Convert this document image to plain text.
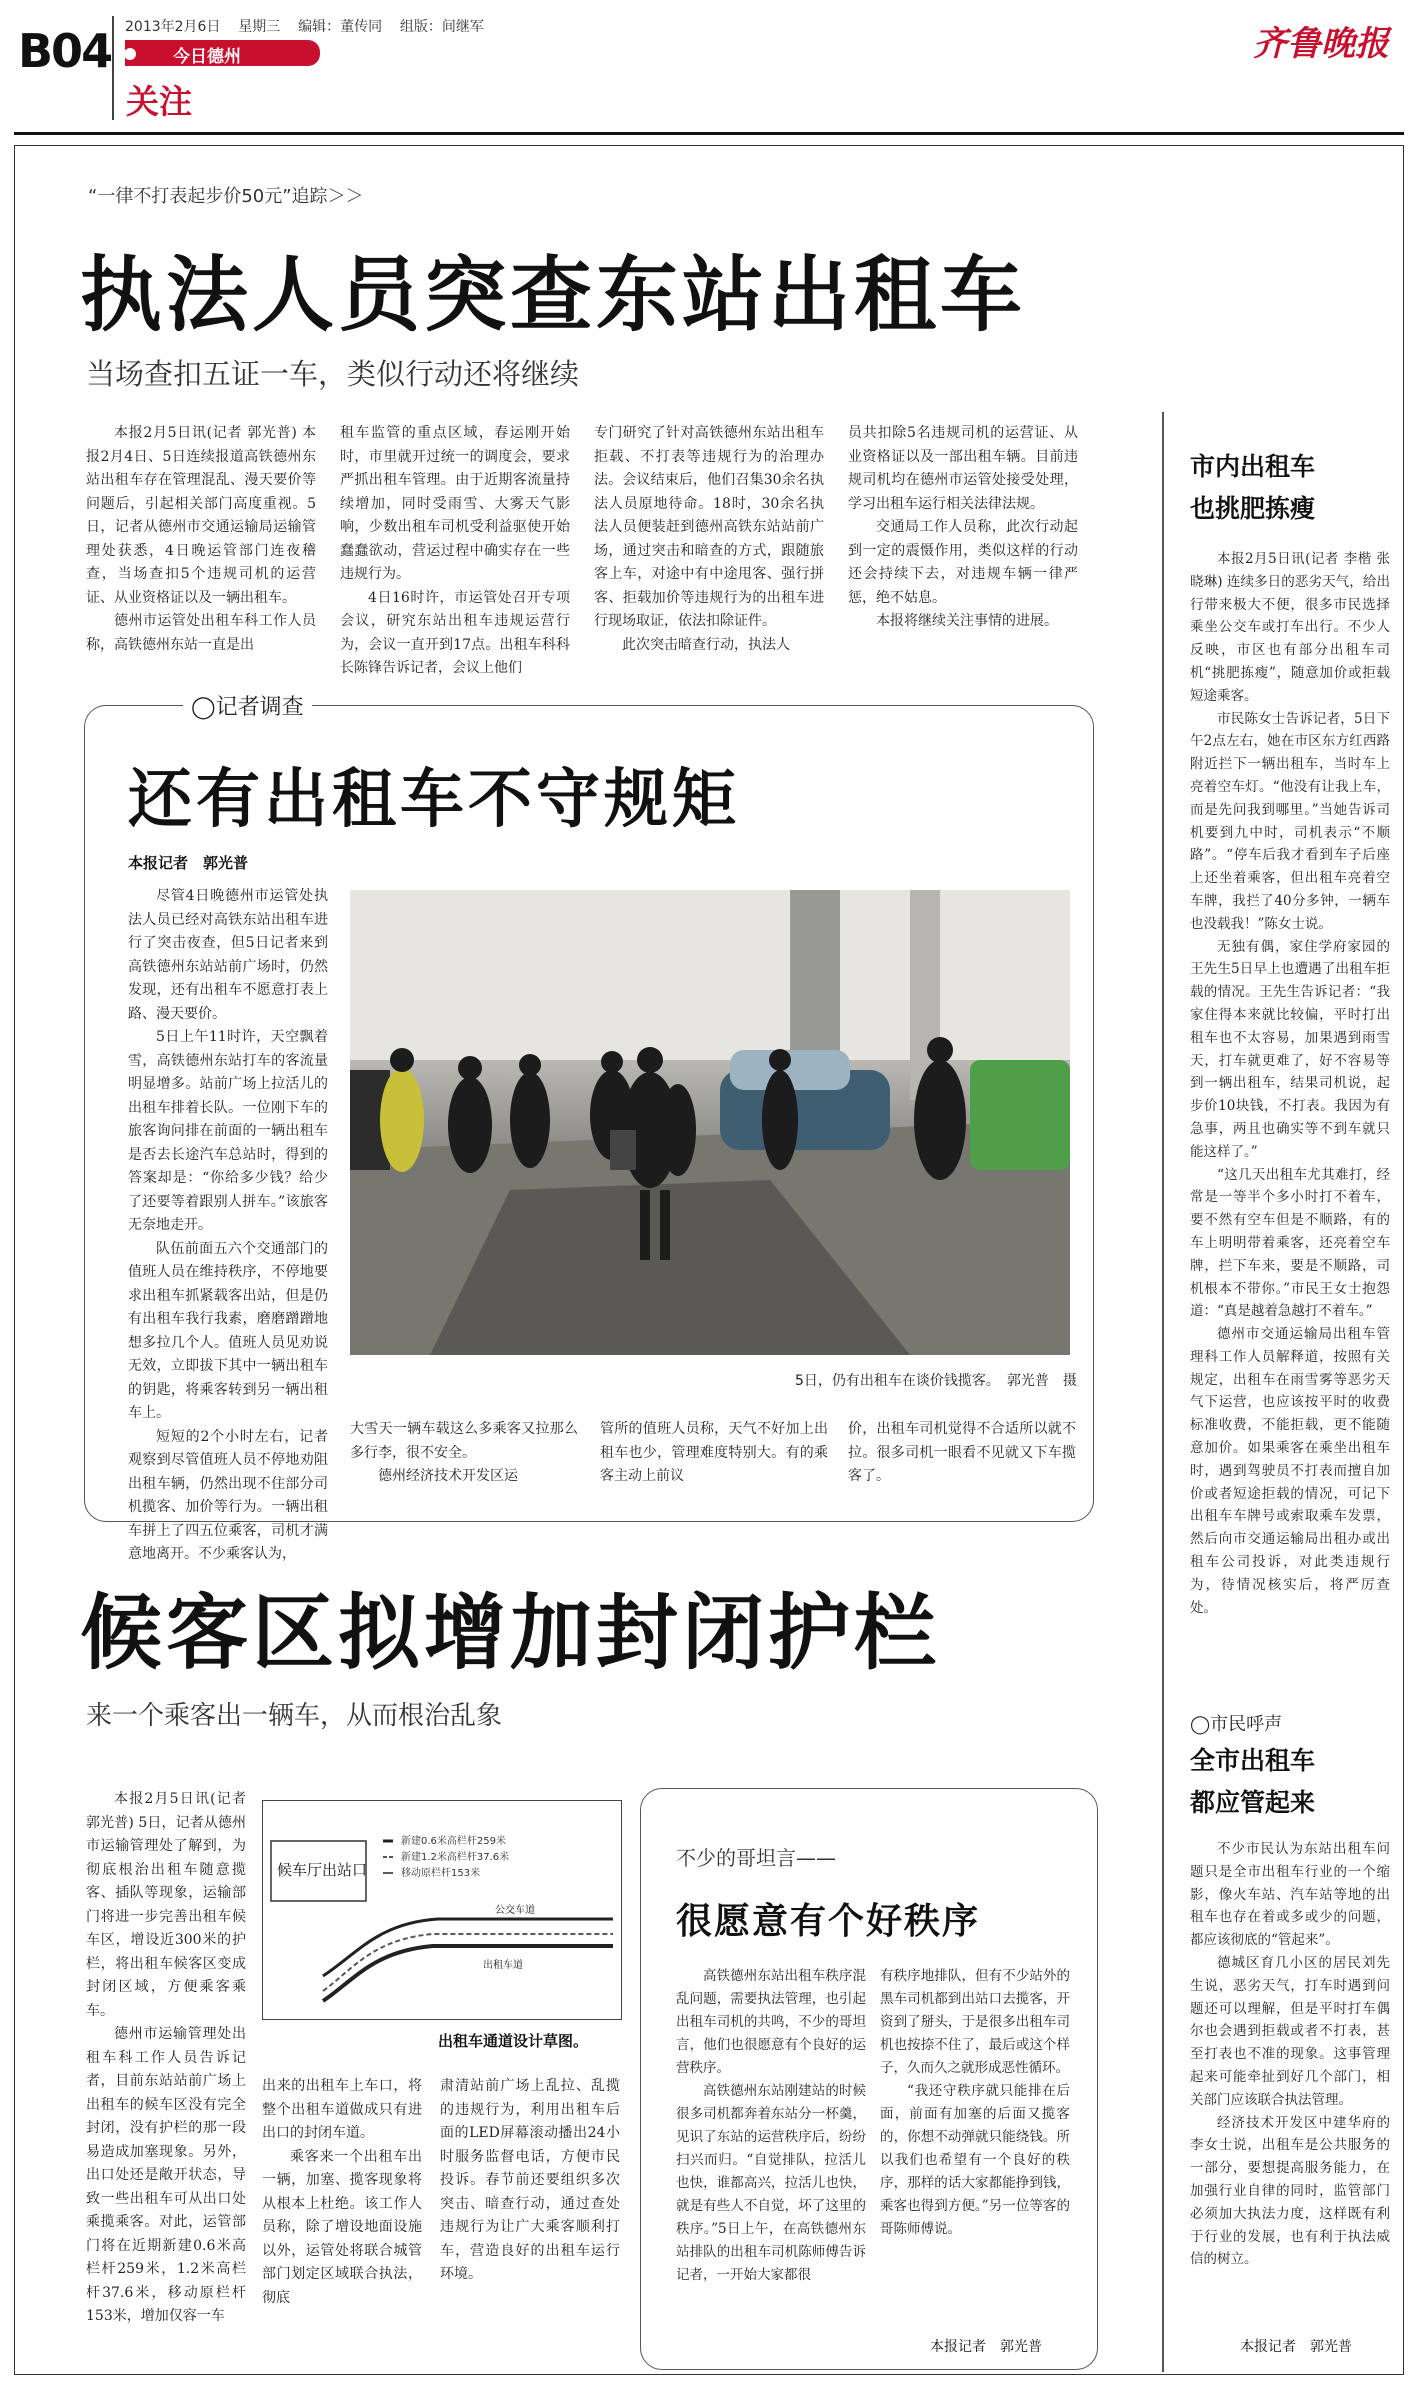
B04 2013年2月6日 星期三 编辑：董传同 组版：间继军
今日德州
关注
齐鲁晚报
“一律不打表起步价50元”追踪＞＞
执法人员突查东站出租车
当场查扣五证一车，类似行动还将继续

本报2月5日讯(记者 郭光普) 本报2月4日、5日连续报道高铁德州东站出租车存在管理混乱、漫天要价等问题后，引起相关部门高度重视。5日，记者从德州市交通运输局运输管理处获悉，4日晚运管部门连夜稽查，当场查扣5个违规司机的运营证、从业资格证以及一辆出租车。

德州市运管处出租车科工作人员称，高铁德州东站一直是出

租车监管的重点区域，春运刚开始时，市里就开过统一的调度会，要求严抓出租车管理。由于近期客流量持续增加，同时受雨雪、大雾天气影响，少数出租车司机受利益驱使开始蠢蠢欲动，营运过程中确实存在一些违规行为。

4日16时许，市运管处召开专项会议，研究东站出租车违规运营行为，会议一直开到17点。出租车科科长陈锋告诉记者，会议上他们

专门研究了针对高铁德州东站出租车拒载、不打表等违规行为的治理办法。会议结束后，他们召集30余名执法人员原地待命。18时，30余名执法人员便装赶到德州高铁东站站前广场，通过突击和暗查的方式，跟随旅客上车，对途中有中途甩客、强行拼客、拒载加价等违规行为的出租车进行现场取证，依法扣除证件。

此次突击暗查行动，执法人

员共扣除5名违规司机的运营证、从业资格证以及一部出租车辆。目前违规司机均在德州市运管处接受处理，学习出租车运行相关法律法规。

交通局工作人员称，此次行动起到一定的震慑作用，类似这样的行动还会持续下去，对违规车辆一律严惩，绝不姑息。

本报将继续关注事情的进展。

◯记者调查
还有出租车不守规矩
本报记者　郭光普

尽管4日晚德州市运管处执法人员已经对高铁东站出租车进行了突击夜查，但5日记者来到高铁德州东站站前广场时，仍然发现，还有出租车不愿意打表上路、漫天要价。

5日上午11时许，天空飘着雪，高铁德州东站打车的客流量明显增多。站前广场上拉活儿的出租车排着长队。一位刚下车的旅客询问排在前面的一辆出租车是否去长途汽车总站时，得到的答案却是：“你给多少钱？给少了还要等着跟别人拼车。”该旅客无奈地走开。

队伍前面五六个交通部门的值班人员在维持秩序，不停地要求出租车抓紧载客出站，但是仍有出租车我行我素，磨磨蹭蹭地想多拉几个人。值班人员见劝说无效，立即拔下其中一辆出租车的钥匙，将乘客转到另一辆出租车上。

短短的2个小时左右，记者观察到尽管值班人员不停地劝阻出租车辆，仍然出现不住部分司机揽客、加价等行为。一辆出租车拼上了四五位乘客，司机才满意地离开。不少乘客认为，

大雪天一辆车载这么多乘客又拉那么多行李，很不安全。

德州经济技术开发区运

管所的值班人员称，天气不好加上出租车也少，管理难度特别大。有的乘客主动上前议

价，出租车司机觉得不合适所以就不拉。很多司机一眼看不见就又下车揽客了。

5日，仍有出租车在谈价钱揽客。　郭光普　摄
候客区拟增加封闭护栏
来一个乘客出一辆车，从而根治乱象

本报2月5日讯(记者 郭光普) 5日，记者从德州市运输管理处了解到，为彻底根治出租车随意揽客、插队等现象，运输部门将进一步完善出租车候车区，增设近300米的护栏，将出租车候客区变成封闭区域，方便乘客乘车。

德州市运输管理处出租车科工作人员告诉记者，目前东站站前广场上出租车的候车区没有完全封闭，没有护栏的那一段易造成加塞现象。另外，出口处还是敞开状态，导致一些出租车可从出口处乘揽乘客。对此，运管部门将在近期新建0.6米高栏杆259米，1.2米高栏杆37.6米，移动原栏杆153米，增加仅容一车

出来的出租车上车口，将整个出租车道做成只有进出口的封闭车道。

乘客来一个出租车出一辆，加塞、揽客现象将从根本上杜绝。该工作人员称，除了增设地面设施以外，运管处将联合城管部门划定区域联合执法，彻底

肃清站前广场上乱拉、乱揽的违规行为，利用出租车后面的LED屏幕滚动播出24小时服务监督电话，方便市民投诉。春节前还要组织多次突击、暗查行动，通过查处违规行为让广大乘客顺利打车，营造良好的出租车运行环境。

候车厅出站口
新建0.6米高栏杆259米
新建1.2米高栏杆37.6米
移动原栏杆153米
公交车道
出租车道
出租车通道设计草图。
不少的哥坦言——
很愿意有个好秩序

高铁德州东站出租车秩序混乱问题，需要执法管理，也引起出租车司机的共鸣，不少的哥坦言，他们也很愿意有个良好的运营秩序。

高铁德州东站刚建站的时候很多司机都奔着东站分一杯羹，见识了东站的运营秩序后，纷纷扫兴而归。“自觉排队，拉活儿也快，谁都高兴，拉活儿也快，就是有些人不自觉，坏了这里的秩序。”5日上午，在高铁德州东站排队的出租车司机陈师傅告诉记者，一开始大家都很

有秩序地排队，但有不少站外的黑车司机都到出站口去揽客，开资到了掰头，于是很多出租车司机也按捺不住了，最后或这个样子，久而久之就形成恶性循环。

“我还守秩序就只能排在后面，前面有加塞的后面又揽客的，你想不动弹就只能绕钱。所以我们也希望有一个良好的秩序，那样的话大家都能挣到钱，乘客也得到方便。”另一位等客的哥陈师傅说。

本报记者　郭光普
市内出租车
也挑肥拣瘦

本报2月5日讯(记者 李楷 张晓琳) 连续多日的恶劣天气，给出行带来极大不便，很多市民选择乘坐公交车或打车出行。不少人反映，市区也有部分出租车司机“挑肥拣瘦”，随意加价或拒载短途乘客。

市民陈女士告诉记者，5日下午2点左右，她在市区东方红西路附近拦下一辆出租车，当时车上亮着空车灯。“他没有让我上车，而是先问我到哪里。”当她告诉司机要到九中时，司机表示“不顺路”。“停车后我才看到车子后座上还坐着乘客，但出租车亮着空车牌，我拦了40分多钟，一辆车也没载我！”陈女士说。

无独有偶，家住学府家园的王先生5日早上也遭遇了出租车拒载的情况。王先生告诉记者：“我家住得本来就比较偏，平时打出租车也不太容易，加果遇到雨雪天，打车就更难了，好不容易等到一辆出租车，结果司机说，起步价10块钱，不打表。我因为有急事，两且也确实等不到车就只能这样了。”

“这几天出租车尤其难打，经常是一等半个多小时打不着车，要不然有空车但是不顺路，有的车上明明带着乘客，还亮着空车牌，拦下车来，要是不顺路，司机根本不带你。”市民王女士抱怨道：“真是越着急越打不着车。”

德州市交通运输局出租车管理科工作人员解释道，按照有关规定，出租车在雨雪雾等恶劣天气下运营，也应该按平时的收费标准收费，不能拒载，更不能随意加价。如果乘客在乘坐出租车时，遇到驾驶员不打表而擅自加价或者短途拒载的情况，可记下出租车车牌号或索取乘车发票，然后向市交通运输局出租办或出租车公司投诉，对此类违规行为，待情况核实后，将严厉查处。

◯市民呼声
全市出租车
都应管起来

不少市民认为东站出租车问题只是全市出租车行业的一个缩影，像火车站、汽车站等地的出租车也存在着或多或少的问题，都应该彻底的“管起来”。

德城区育几小区的居民刘先生说，恶劣天气，打车时遇到问题还可以理解，但是平时打车偶尔也会遇到拒载或者不打表，甚至打表也不准的现象。这事管理起来可能牵扯到好几个部门，相关部门应该联合执法管理。

经济技术开发区中建华府的李女士说，出租车是公共服务的一部分，要想提高服务能力，在加强行业自律的同时，监管部门必须加大执法力度，这样既有利于行业的发展，也有利于执法威信的树立。

本报记者　郭光普
